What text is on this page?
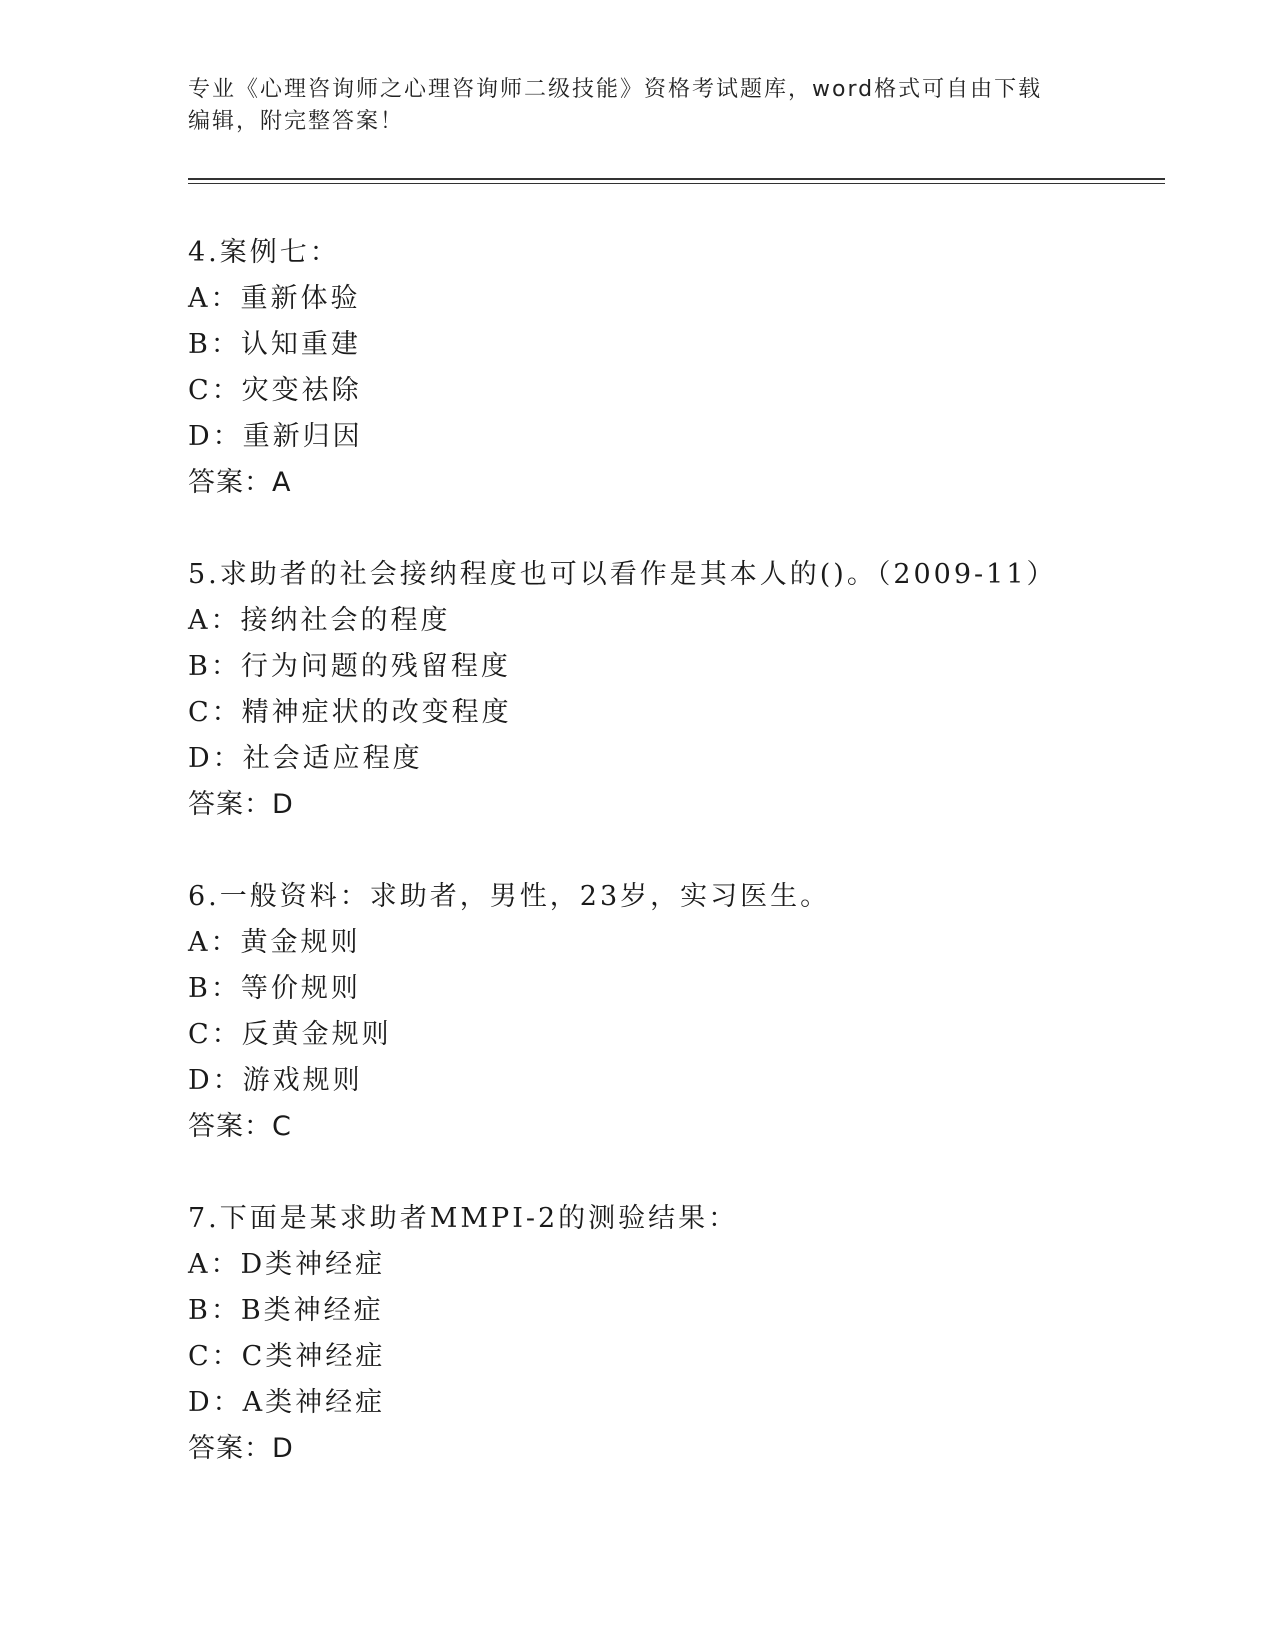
专业《心理咨询师之心理咨询师二级技能》资格考试题库，word格式可自由下载
编辑，附完整答案！
4.案例七：
A：重新体验
B：认知重建
C：灾变祛除
D：重新归因
答案：A
5.求助者的社会接纳程度也可以看作是其本人的()。（2009-11）
A：接纳社会的程度
B：行为问题的残留程度
C：精神症状的改变程度
D：社会适应程度
答案：D
6.一般资料：求助者，男性，23岁，实习医生。
A：黄金规则
B：等价规则
C：反黄金规则
D：游戏规则
答案：C
7.下面是某求助者MMPI-2的测验结果：
A：D类神经症
B：B类神经症
C：C类神经症
D：A类神经症
答案：D
